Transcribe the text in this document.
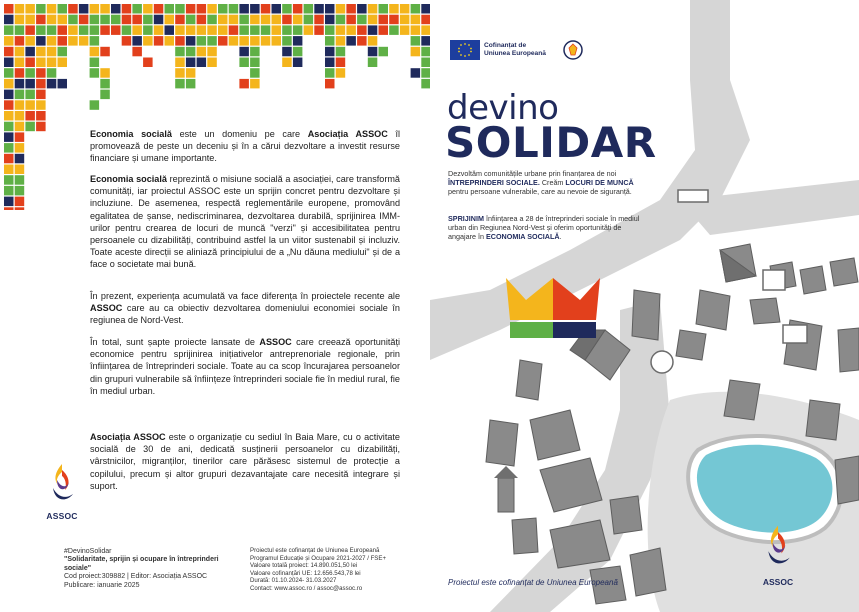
Economia socială este un domeniu pe care Asociația ASSOC îl promovează de peste un deceniu și în a cărui dezvoltare a investit resurse financiare și umane importante.
Economia socială reprezintă o misiune socială a asociației, care transformă comunități, iar proiectul ASSOC este un sprijin concret pentru dezvoltare și incluziune. De asemenea, respectă reglementările europene, promovând egalitatea de șanse, nediscriminarea, dezvoltarea durabilă, sprijinirea IMM-urilor pentru crearea de locuri de muncă "verzi" și accesibilitatea pentru persoanele cu dizabilități, contribuind astfel la un viitor sustenabil și incluziv. Toate aceste direcții se aliniază principiului de a „Nu dăuna mediului" și de a face o societate mai bună.
În prezent, experiența acumulată va face diferența în proiectele recente ale ASSOC care au ca obiectiv dezvoltarea domeniului economiei sociale în regiunea de Nord-Vest.
În total, sunt șapte proiecte lansate de ASSOC care creează oportunități economice pentru sprijinirea inițiativelor antreprenoriale regionale, prin înființarea de întreprinderi sociale. Toate au ca scop încurajarea persoanelor din grupuri vulnerabile să înființeze întreprinderi sociale fie în mediul rural, fie în mediul urban.
Asociația ASSOC este o organizație cu sediul în Baia Mare, cu o activitate socială de 30 de ani, dedicată susținerii persoanelor cu dizabilități, vârstnicilor, migranților, tinerilor care părăsesc sistemul de protecție a copilului, precum și altor grupuri dezavantajate care necesită integrare și suport.
ASSOC
#DevinoSolidar
"Solidaritate, sprijin și ocupare în întreprinderi sociale"
Cod proiect:309882 | Editor: Asociația ASSOC
Publicare: ianuarie 2025
Proiectul este cofinanțat de Uniunea Europeană
Programul Educație și Ocupare 2021-2027 / FSE+
Valoare totală proiect: 14.890.051,50 lei
Valoare cofinanțări UE: 12.656.543,78 lei
Durată: 01.10.2024- 31.03.2027
Contact: www.assoc.ro / assoc@assoc.ro
Cofinanțat de
Uniunea Europeană
devino
SOLIDAR
Dezvoltăm comunitățile urbane prin finanțarea de noi ÎNTREPRINDERI SOCIALE. Creăm LOCURI DE MUNCĂ pentru persoane vulnerabile, care au nevoie de siguranță.
SPRIJINIM înființarea a 28 de întreprinderi sociale în mediul urban din Regiunea Nord-Vest și oferim oportunități de angajare în ECONOMIA SOCIALĂ.
ASSOC
Proiectul este cofinanțat de Uniunea Europeană
